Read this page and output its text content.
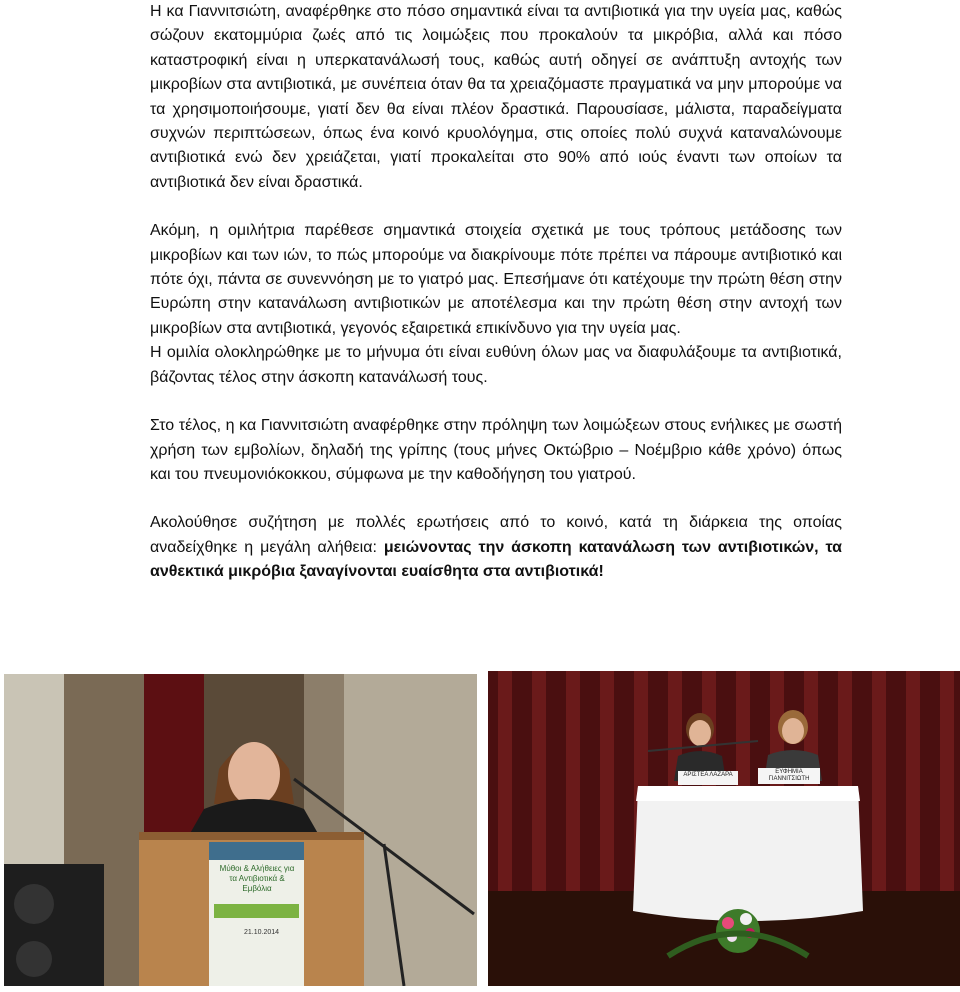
Η κα Γιαννιτσιώτη, αναφέρθηκε στο πόσο σημαντικά είναι τα αντιβιοτικά για την υγεία μας, καθώς σώζουν εκατομμύρια ζωές από τις λοιμώξεις που προκαλούν τα μικρόβια, αλλά και πόσο καταστροφική είναι η υπερκατανάλωσή τους, καθώς αυτή οδηγεί σε ανάπτυξη αντοχής των μικροβίων στα αντιβιοτικά, με συνέπεια όταν θα τα χρειαζόμαστε πραγματικά να μην μπορούμε να τα χρησιμοποιήσουμε, γιατί δεν θα είναι πλέον δραστικά. Παρουσίασε, μάλιστα, παραδείγματα συχνών περιπτώσεων, όπως ένα κοινό κρυολόγημα, στις οποίες πολύ συχνά καταναλώνουμε αντιβιοτικά ενώ δεν χρειάζεται, γιατί προκαλείται στο 90% από ιούς έναντι των οποίων τα αντιβιοτικά δεν είναι δραστικά.

Ακόμη, η ομιλήτρια παρέθεσε σημαντικά στοιχεία σχετικά με τους τρόπους μετάδοσης των μικροβίων και των ιών, το πώς μπορούμε να διακρίνουμε πότε πρέπει να πάρουμε αντιβιοτικό και πότε όχι, πάντα σε συνεννόηση με το γιατρό μας. Επεσήμανε ότι κατέχουμε την πρώτη θέση στην Ευρώπη στην κατανάλωση αντιβιοτικών με αποτέλεσμα και την πρώτη θέση στην αντοχή των μικροβίων στα αντιβιοτικά, γεγονός εξαιρετικά επικίνδυνο για την υγεία μας.

Η ομιλία ολοκληρώθηκε με το μήνυμα ότι είναι ευθύνη όλων μας να διαφυλάξουμε τα αντιβιοτικά, βάζοντας τέλος στην άσκοπη κατανάλωσή τους.

Στο τέλος, η κα Γιαννιτσιώτη αναφέρθηκε στην πρόληψη των λοιμώξεων στους ενήλικες με σωστή χρήση των εμβολίων, δηλαδή της γρίπης (τους μήνες Οκτώβριο – Νοέμβριο κάθε χρόνο) όπως και του πνευμονιόκοκκου, σύμφωνα με την καθοδήγηση του γιατρού.

Ακολούθησε συζήτηση με πολλές ερωτήσεις από το κοινό, κατά τη διάρκεια της οποίας αναδείχθηκε η μεγάλη αλήθεια: μειώνοντας την άσκοπη κατανάλωση των αντιβιοτικών, τα ανθεκτικά μικρόβια ξαναγίνονται ευαίσθητα στα αντιβιοτικά!

Μύθοι & Αλήθειες για τα Αντιβιοτικά & Εμβόλια
21.10.2014
ΑΡΙΣΤΕΑ ΛΑΖΑΡΑ	ΕΥΦΗΜΙΑ ΓΙΑΝΝΙΤΣΙΩΤΗ
